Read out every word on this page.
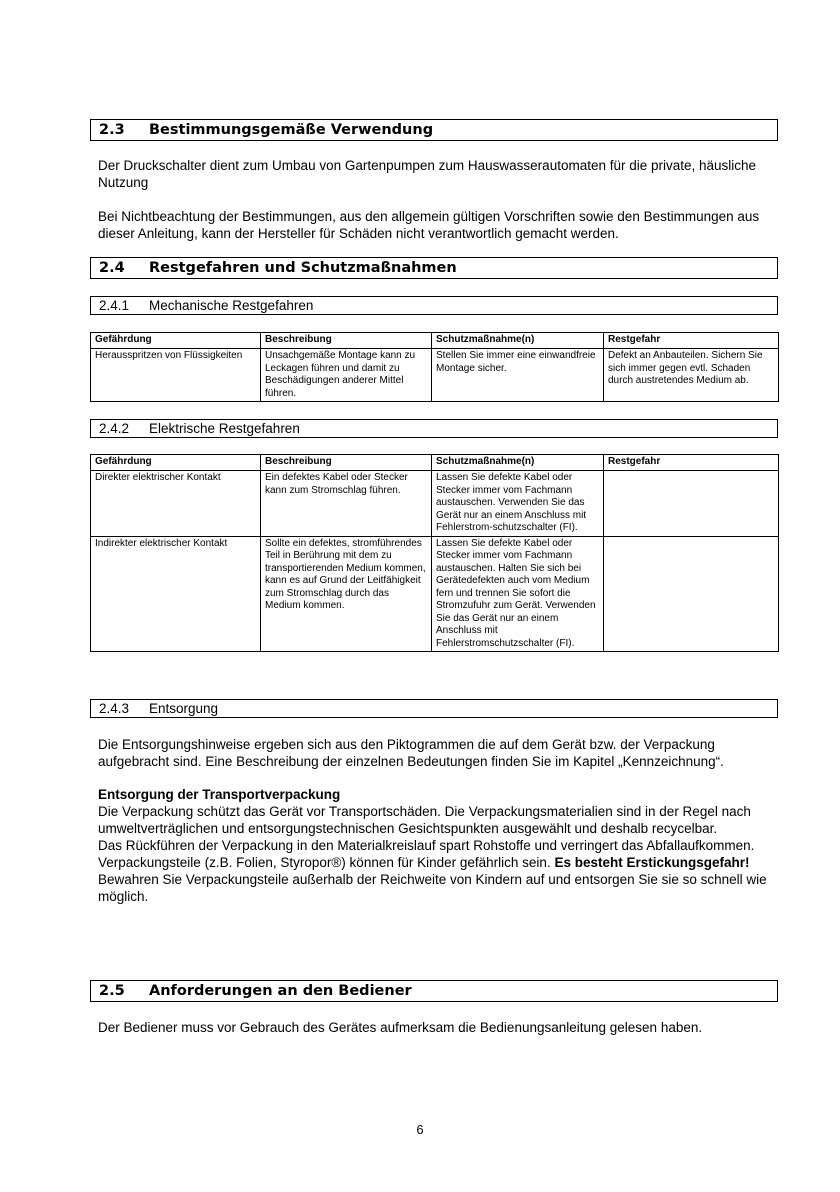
2.3 Bestimmungsgemäße Verwendung

Der Druckschalter dient zum Umbau von Gartenpumpen zum Hauswasserautomaten für die private, häusliche Nutzung

Bei Nichtbeachtung der Bestimmungen, aus den allgemein gültigen Vorschriften sowie den Bestimmungen aus dieser Anleitung, kann der Hersteller für Schäden nicht verantwortlich gemacht werden.

2.4 Restgefahren und Schutzmaßnahmen
2.4.1 Mechanische Restgefahren
Gefährdung	Beschreibung	Schutzmaßnahme(n)	Restgefahr
Herausspritzen von Flüssigkeiten	Unsachgemäße Montage kann zu Leckagen führen und damit zu Beschädigungen anderer Mittel führen.	Stellen Sie immer eine einwandfreie Montage sicher.	Defekt an Anbauteilen. Sichern Sie sich immer gegen evtl. Schaden durch austretendes Medium ab.
2.4.2 Elektrische Restgefahren
Gefährdung	Beschreibung	Schutzmaßnahme(n)	Restgefahr
Direkter elektrischer Kontakt	Ein defektes Kabel oder Stecker kann zum Stromschlag führen.	Lassen Sie defekte Kabel oder Stecker immer vom Fachmann austauschen. Verwenden Sie das Gerät nur an einem Anschluss mit Fehlerstrom-schutzschalter (FI).	
Indirekter elektrischer Kontakt	Sollte ein defektes, stromführendes Teil in Berührung mit dem zu transportierenden Medium kommen, kann es auf Grund der Leitfähigkeit zum Stromschlag durch das Medium kommen.	Lassen Sie defekte Kabel oder Stecker immer vom Fachmann austauschen. Halten Sie sich bei Gerätedefekten auch vom Medium fern und trennen Sie sofort die Stromzufuhr zum Gerät. Verwenden Sie das Gerät nur an einem Anschluss mit Fehlerstromschutzschalter (FI).	
2.4.3 Entsorgung

Die Entsorgungshinweise ergeben sich aus den Piktogrammen die auf dem Gerät bzw. der Verpackung aufgebracht sind. Eine Beschreibung der einzelnen Bedeutungen finden Sie im Kapitel „Kennzeichnung“.

Entsorgung der Transportverpackung
Die Verpackung schützt das Gerät vor Transportschäden. Die Verpackungsmaterialien sind in der Regel nach umweltverträglichen und entsorgungstechnischen Gesichtspunkten ausgewählt und deshalb recycelbar.
Das Rückführen der Verpackung in den Materialkreislauf spart Rohstoffe und verringert das Abfallaufkommen.
Verpackungsteile (z.B. Folien, Styropor®) können für Kinder gefährlich sein. Es besteht Erstickungsgefahr!
Bewahren Sie Verpackungsteile außerhalb der Reichweite von Kindern auf und entsorgen Sie sie so schnell wie möglich.
2.5 Anforderungen an den Bediener

Der Bediener muss vor Gebrauch des Gerätes aufmerksam die Bedienungsanleitung gelesen haben.

6
